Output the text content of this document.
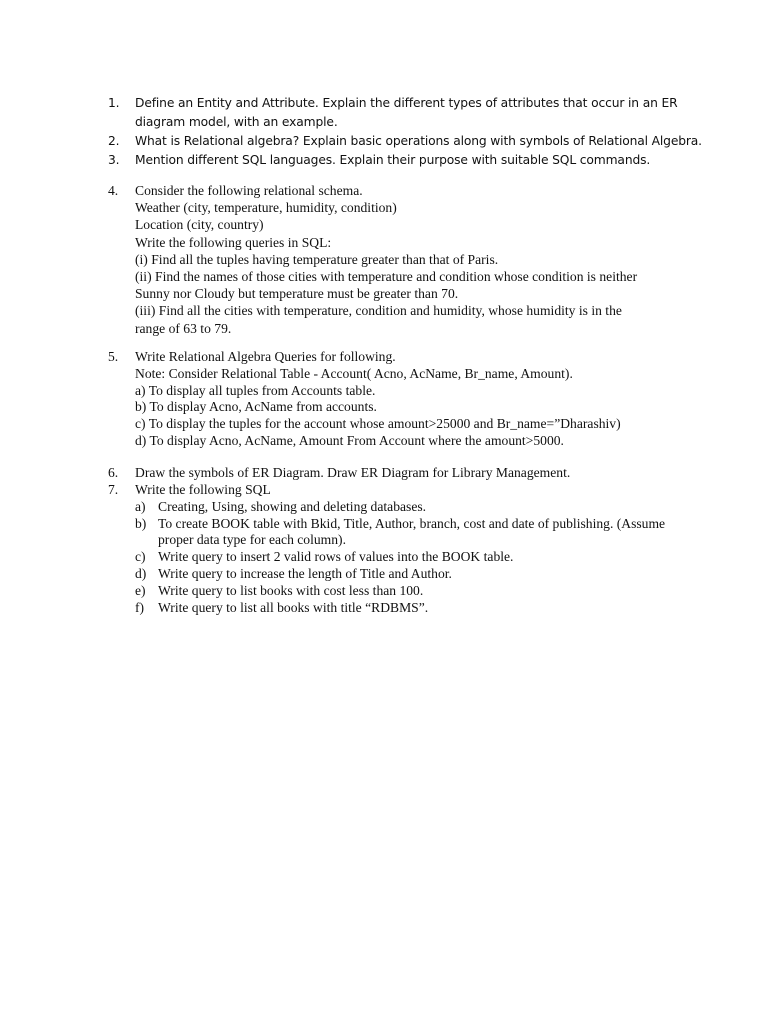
1.	Define an Entity and Attribute. Explain the different types of attributes that occur in an ER
diagram model, with an example.
2.	What is Relational algebra? Explain basic operations along with symbols of Relational Algebra.
3.	Mention different SQL languages. Explain their purpose with suitable SQL commands.
4.	Consider the following relational schema.
Weather (city, temperature, humidity, condition)
Location (city, country)
Write the following queries in SQL:
(i) Find all the tuples having temperature greater than that of Paris.
(ii) Find the names of those cities with temperature and condition whose condition is neither
Sunny nor Cloudy but temperature must be greater than 70.
(iii) Find all the cities with temperature, condition and humidity, whose humidity is in the
range of 63 to 79.
5.	Write Relational Algebra Queries for following.
Note: Consider Relational Table - Account( Acno, AcName, Br_name, Amount).
a) To display all tuples from Accounts table.
b) To display Acno, AcName from accounts.
c) To display the tuples for the account whose amount>25000 and Br_name=”Dharashiv)
d) To display Acno, AcName, Amount From Account where the amount>5000.
6.	Draw the symbols of ER Diagram. Draw ER Diagram for Library Management.
7.	Write the following SQL
a) Creating, Using, showing and deleting databases.
b) To create BOOK table with Bkid, Title, Author, branch, cost and date of publishing. (Assume proper data type for each column).
c) Write query to insert 2 valid rows of values into the BOOK table.
d) Write query to increase the length of Title and Author.
e) Write query to list books with cost less than 100.
f) Write query to list all books with title “RDBMS”.
